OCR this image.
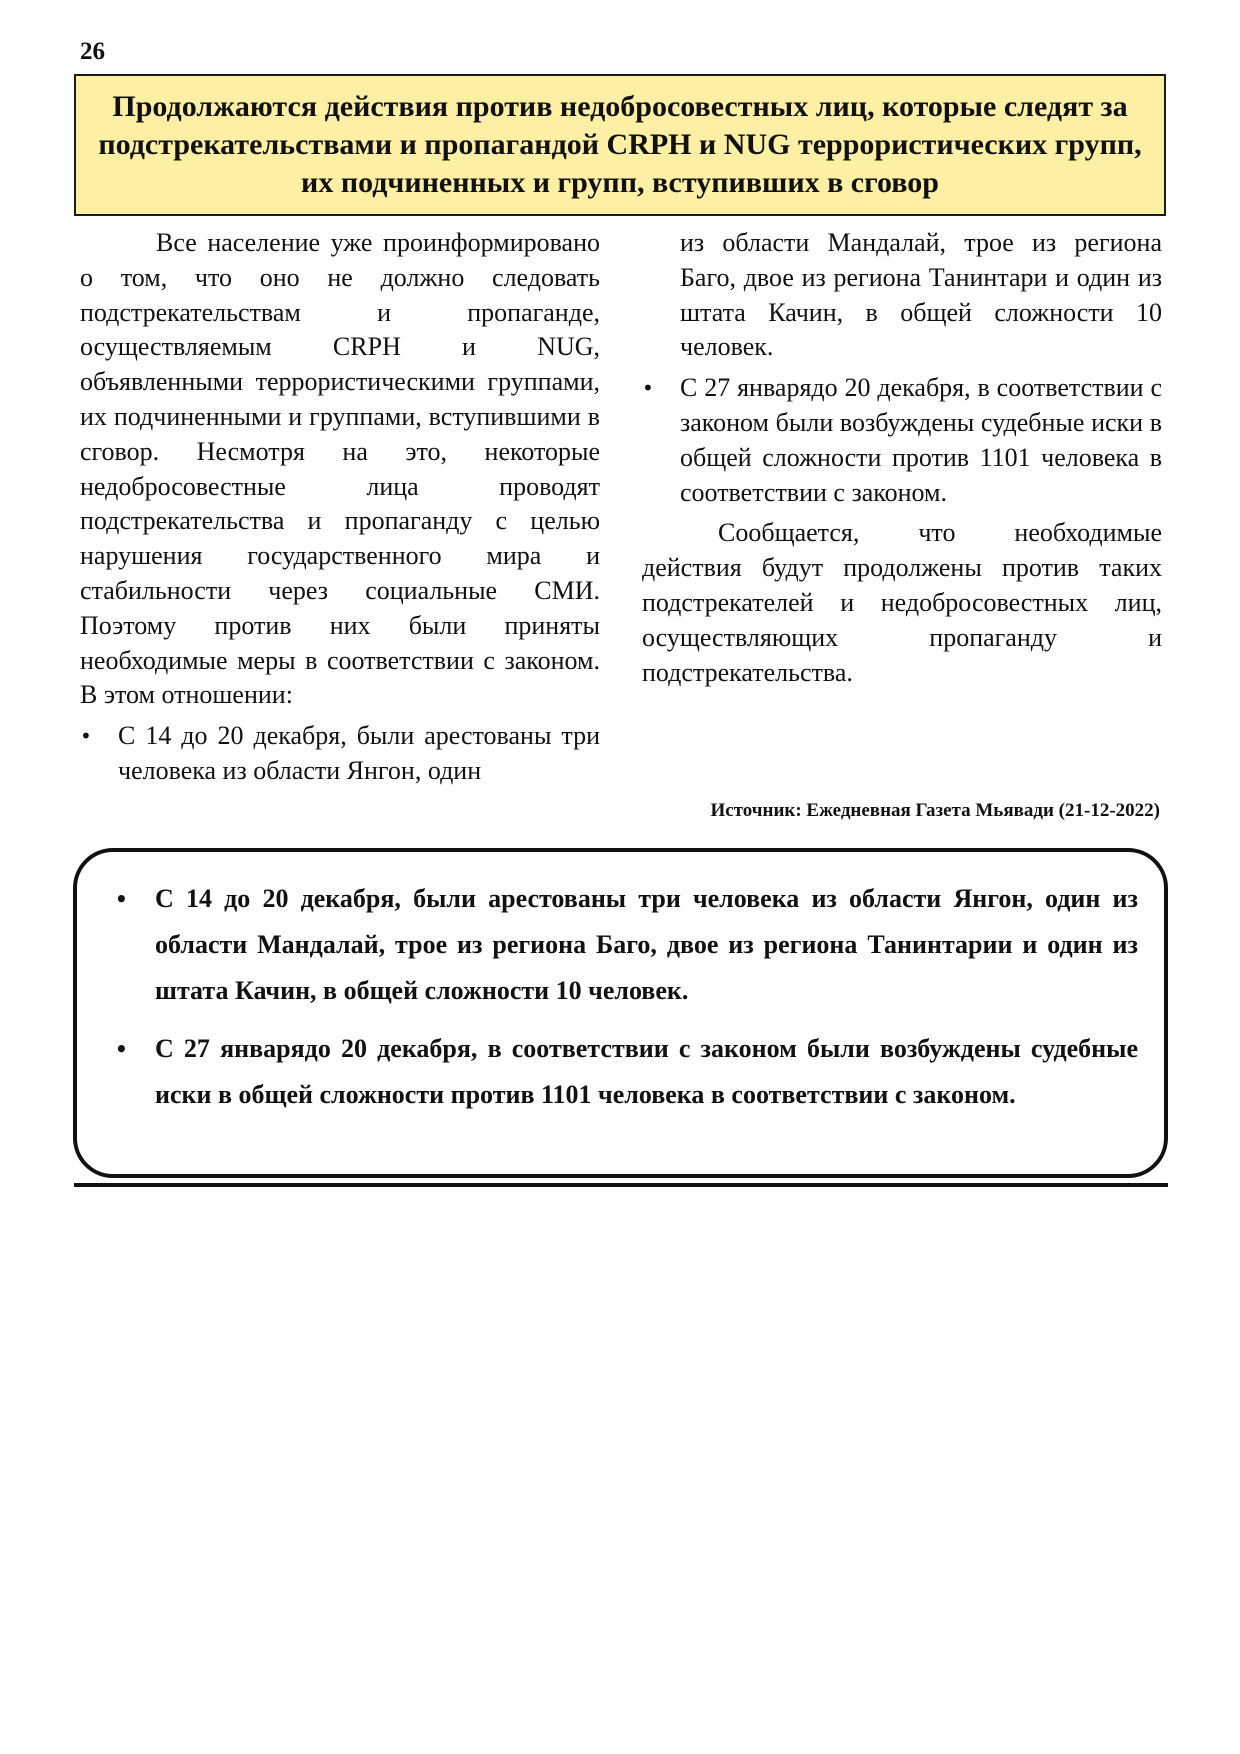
26
Продолжаются действия против недобросовестных лиц, которые следят за подстрекательствами и пропагандой CRPH и NUG террористических групп, их подчиненных и групп, вступивших в сговор

Все население уже проинформировано о том, что оно не должно следовать подстрекательствам и пропаганде, осуществляемым CRPH и NUG, объявленными террористическими группами, их подчиненными и группами, вступившими в сговор. Несмотря на это, некоторые недобросовестные лица проводят подстрекательства и пропаганду с целью нарушения государственного мира и стабильности через социальные СМИ. Поэтому против них были приняты необходимые меры в соответствии с законом. В этом отношении:

• С 14 до 20 декабря, были арестованы три человека из области Янгон, один

из области Мандалай, трое из региона Баго, двое из региона Танинтари и один из штата Качин, в общей сложности 10 человек.

• С 27 январядо 20 декабря, в соответствии с законом были возбуждены судебные иски в общей сложности против 1101 человека в соответствии с законом.

Сообщается, что необходимые действия будут продолжены против таких подстрекателей и недобросовестных лиц, осуществляющих пропаганду и подстрекательства.

Источник: Ежедневная Газета Мьявади (21-12-2022)
• С 14 до 20 декабря, были арестованы три человека из области Янгон, один из области Мандалай, трое из региона Баго, двое из региона Танинтарии и один из штата Качин, в общей сложности 10 человек.
• С 27 январядо 20 декабря, в соответствии с законом были возбуждены судебные иски в общей сложности против 1101 человека в соответствии с законом.
